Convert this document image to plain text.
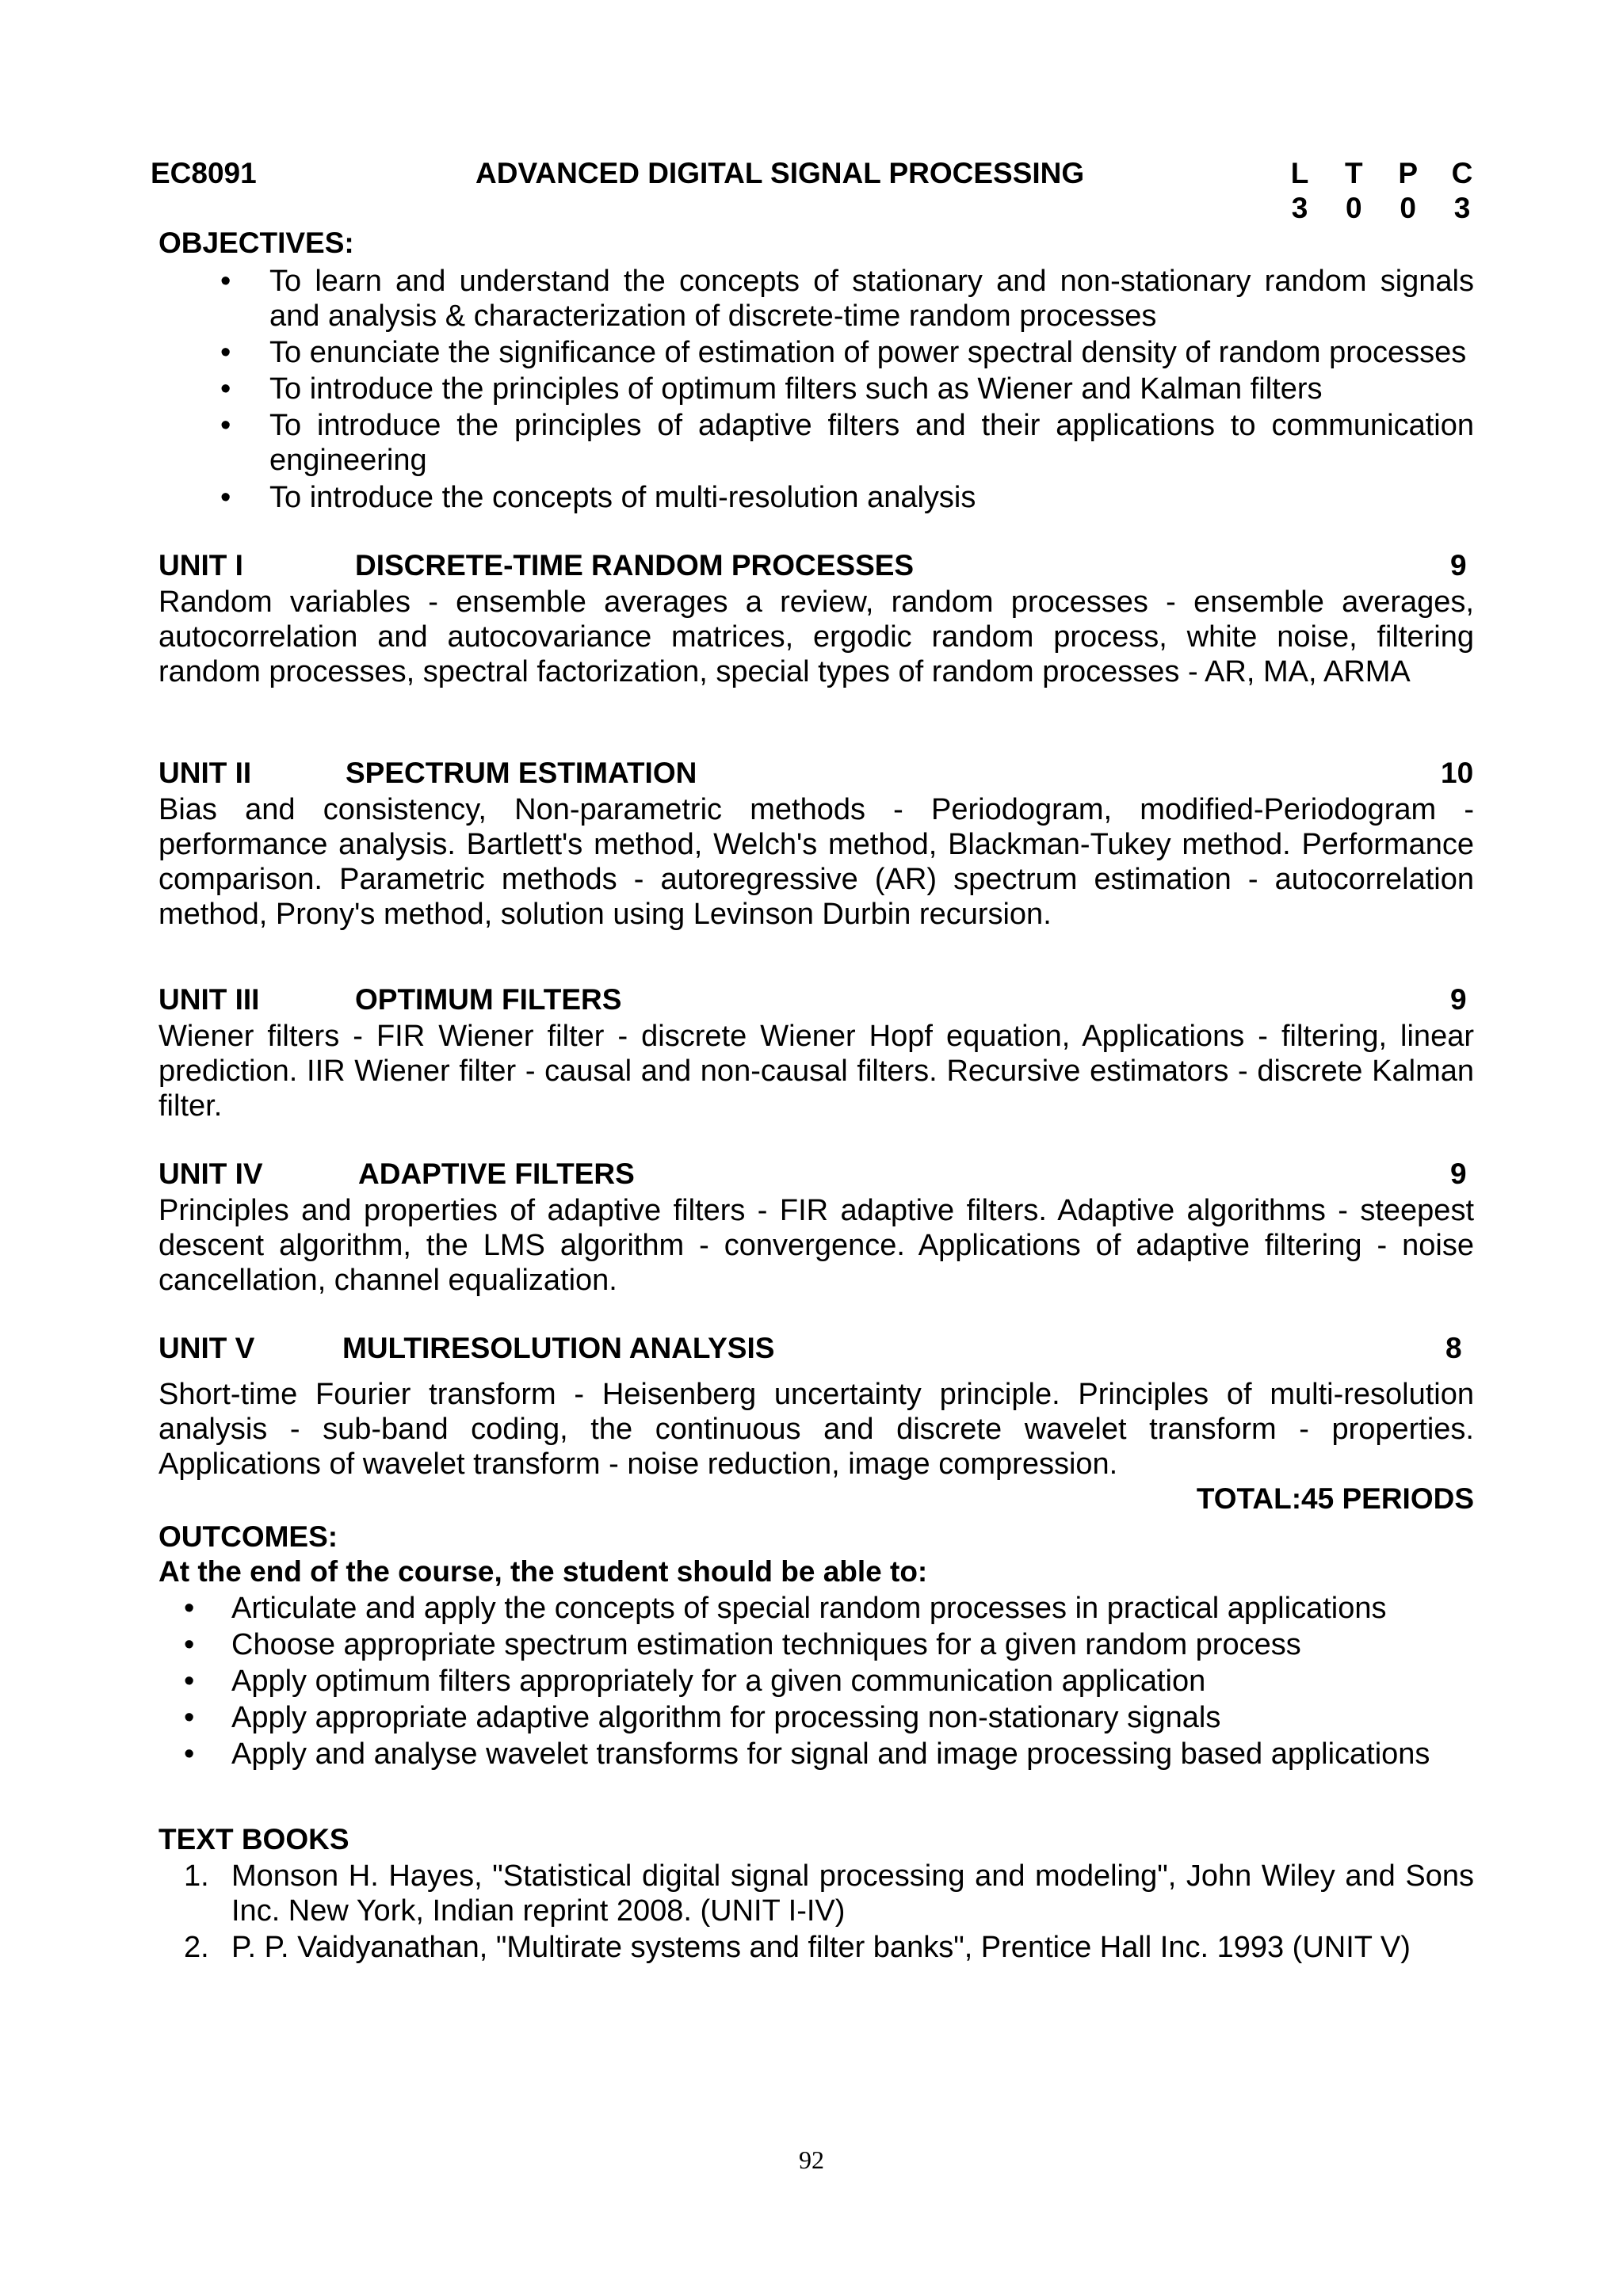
EC8091	ADVANCED DIGITAL SIGNAL PROCESSING	L T P C
3 0 0 3
OBJECTIVES:
•	To learn and understand the concepts of stationary and non-stationary random signals
and analysis & characterization of discrete-time random processes
• To enunciate the significance of estimation of power spectral density of random processes
• To introduce the principles of optimum filters such as Wiener and Kalman filters
• To introduce the principles of adaptive filters and their applications to communication
engineering
• To introduce the concepts of multi-resolution analysis
UNIT I	DISCRETE-TIME RANDOM PROCESSES	9
Random variables - ensemble averages a review, random processes - ensemble averages,
autocorrelation and autocovariance matrices, ergodic random process, white noise, filtering
random processes, spectral factorization, special types of random processes - AR, MA, ARMA
UNIT II	SPECTRUM ESTIMATION	10
Bias and consistency, Non-parametric methods - Periodogram, modified-Periodogram -
performance analysis. Bartlett's method, Welch's method, Blackman-Tukey method. Performance
comparison. Parametric methods - autoregressive (AR) spectrum estimation - autocorrelation
method, Prony's method, solution using Levinson Durbin recursion.
UNIT III	OPTIMUM FILTERS	9
Wiener filters - FIR Wiener filter - discrete Wiener Hopf equation, Applications - filtering, linear
prediction. IIR Wiener filter - causal and non-causal filters. Recursive estimators - discrete Kalman
filter.
UNIT IV	ADAPTIVE FILTERS	9
Principles and properties of adaptive filters - FIR adaptive filters. Adaptive algorithms - steepest
descent algorithm, the LMS algorithm - convergence. Applications of adaptive filtering - noise
cancellation, channel equalization.
UNIT V	MULTIRESOLUTION ANALYSIS	8
Short-time Fourier transform - Heisenberg uncertainty principle. Principles of multi-resolution
analysis - sub-band coding, the continuous and discrete wavelet transform - properties.
Applications of wavelet transform - noise reduction, image compression.
TOTAL:45 PERIODS
OUTCOMES:
At the end of the course, the student should be able to:
• Articulate and apply the concepts of special random processes in practical applications
• Choose appropriate spectrum estimation techniques for a given random process
• Apply optimum filters appropriately for a given communication application
• Apply appropriate adaptive algorithm for processing non-stationary signals
• Apply and analyse wavelet transforms for signal and image processing based applications
TEXT BOOKS
1. Monson H. Hayes, "Statistical digital signal processing and modeling", John Wiley and Sons
Inc. New York, Indian reprint 2008. (UNIT I-IV)
2. P. P. Vaidyanathan, "Multirate systems and filter banks", Prentice Hall Inc. 1993 (UNIT V)
92
